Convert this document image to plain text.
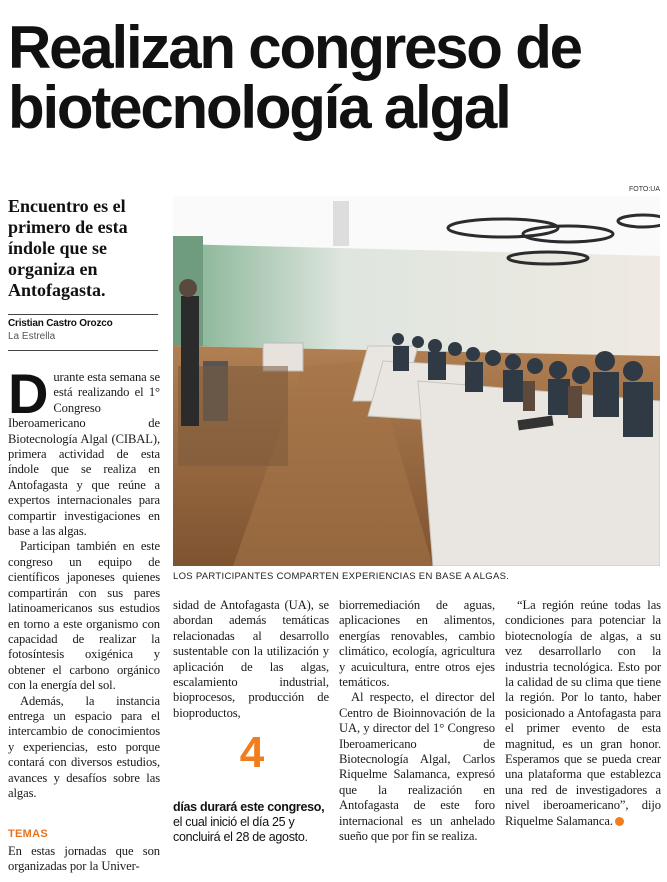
Realizan congreso de
biotecnología algal
Encuentro es el primero de esta índole que se organiza en Antofagasta.
Cristian Castro Orozco
La Estrella
FOTO:UA
LOS PARTICIPANTES COMPARTEN EXPERIENCIAS EN BASE A ALGAS.

Durante esta semana se está realizando el 1° Congreso Iberoamericano de Biotecnología Algal (CIBAL), primera actividad de esta índole que se realiza en Antofagasta y que reúne a expertos internacionales para compartir investigaciones en base a las algas.

Participan también en este congreso un equipo de científicos japoneses quienes compartirán con sus pares latinoamericanos sus estudios en torno a este organismo con capacidad de realizar la fotosíntesis oxigénica y obtener el carbono orgánico con la energía del sol.

Además, la instancia entrega un espacio para el intercambio de conocimientos y experiencias, esto porque contará con diversos estudios, avances y desafíos sobre las algas.

TEMAS

En estas jornadas que son organizadas por la Univer-

sidad de Antofagasta (UA), se abordan además temáticas relacionadas al desarrollo sustentable con la utilización y aplicación de las algas, escalamiento industrial, bioprocesos, producción de bioproductos,

4
días durará este congreso, el cual inició el día 25 y concluirá el 28 de agosto.

biorremediación de aguas, aplicaciones en alimentos, energías renovables, cambio climático, ecología, agricultura y acuicultura, entre otros ejes temáticos.

Al respecto, el director del Centro de Bioinnovación de la UA, y director del 1° Congreso Iberoamericano de Biotecnología Algal, Carlos Riquelme Salamanca, expresó que la realización en Antofagasta de este foro internacional es un anhelado sueño que por fin se realiza.

“La región reúne todas las condiciones para potenciar la biotecnología de algas, a su vez desarrollarlo con la industria tecnológica. Esto por la calidad de su clima que tiene la región. Por lo tanto, haber posicionado a Antofagasta para el primer evento de esta magnitud, es un gran honor. Esperamos que se pueda crear una plataforma que establezca una red de investigadores a nivel iberoamericano”, dijo Riquelme Salamanca.
